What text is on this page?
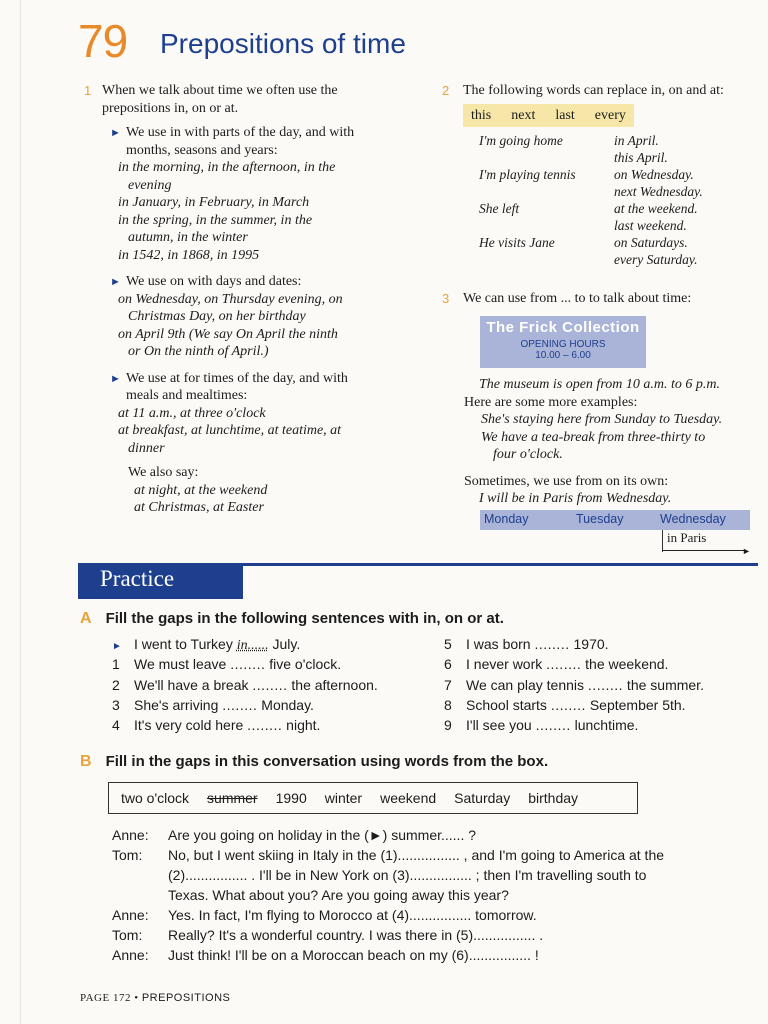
79 Prepositions of time
1 When we talk about time we often use the
prepositions in, on or at.
► We use in with parts of the day, and with
months, seasons and years:
in the morning, in the afternoon, in the
evening
in January, in February, in March
in the spring, in the summer, in the
autumn, in the winter
in 1542, in 1868, in 1995
► We use on with days and dates:
on Wednesday, on Thursday evening, on
Christmas Day, on her birthday
on April 9th (We say On April the ninth
or On the ninth of April.)
► We use at for times of the day, and with
meals and mealtimes:
at 11 a.m., at three o'clock
at breakfast, at lunchtime, at teatime, at
dinner
We also say:
at night, at the weekend
at Christmas, at Easter
2 The following words can replace in, on and at:
this next last every
I'm going home	in April.
this April.
I'm playing tennis	on Wednesday.
next Wednesday.
She left	at the weekend.
last weekend.
He visits Jane	on Saturdays.
every Saturday.
3 We can use from ... to to talk about time:
The Frick Collection
OPENING HOURS
10.00 – 6.00
The museum is open from 10 a.m. to 6 p.m.
Here are some more examples:
She's staying here from Sunday to Tuesday.
We have a tea-break from three-thirty to
four o'clock.
Sometimes, we use from on its own:
I will be in Paris from Wednesday.
Monday	Tuesday	Wednesday
in Paris
►
Practice
A Fill the gaps in the following sentences with in, on or at.
► I went to Turkey in...... July.
1 We must leave ........ five o'clock.
2 We'll have a break ........ the afternoon.
3 She's arriving ........ Monday.
4 It's very cold here ........ night.
5 I was born ........ 1970.
6 I never work ........ the weekend.
7 We can play tennis ........ the summer.
8 School starts ........ September 5th.
9 I'll see you ........ lunchtime.
B Fill in the gaps in this conversation using words from the box.
two o'clock summer 1990 winter weekend Saturday birthday
Anne:	Are you going on holiday in the (►) summer...... ?
Tom:	No, but I went skiing in Italy in the (1)................ , and I'm going to America at the
(2)................ . I'll be in New York on (3)................ ; then I'm travelling south to
Texas. What about you? Are you going away this year?
Anne:	Yes. In fact, I'm flying to Morocco at (4)................ tomorrow.
Tom:	Really? It's a wonderful country. I was there in (5)................ .
Anne:	Just think! I'll be on a Moroccan beach on my (6)................ !
PAGE 172 • PREPOSITIONS
